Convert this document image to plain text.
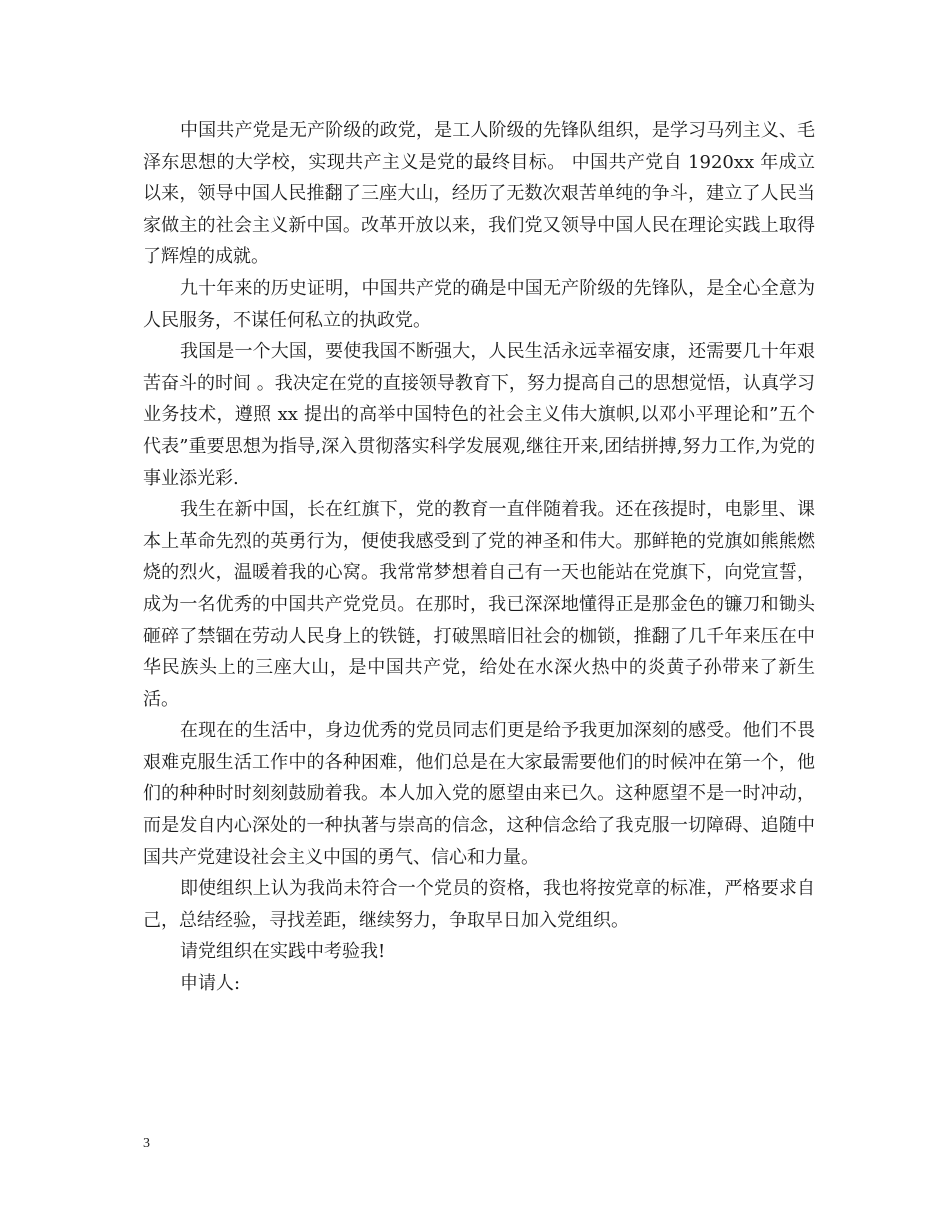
中国共产党是无产阶级的政党，是工人阶级的先锋队组织，是学习马列主义、毛泽东思想的大学校，实现共产主义是党的最终目标。 中国共产党自 1920xx 年成立以来，领导中国人民推翻了三座大山，经历了无数次艰苦单纯的争斗，建立了人民当家做主的社会主义新中国。改革开放以来，我们党又领导中国人民在理论实践上取得了辉煌的成就。

九十年来的历史证明，中国共产党的确是中国无产阶级的先锋队，是全心全意为人民服务，不谋任何私立的执政党。

我国是一个大国，要使我国不断强大，人民生活永远幸福安康，还需要几十年艰苦奋斗的时间 。我决定在党的直接领导教育下，努力提高自己的思想觉悟，认真学习业务技术，遵照 xx 提出的高举中国特色的社会主义伟大旗帜,以邓小平理论和”五个代表”重要思想为指导,深入贯彻落实科学发展观,继往开来,团结拼搏,努力工作,为党的事业添光彩.

我生在新中国，长在红旗下，党的教育一直伴随着我。还在孩提时，电影里、课本上革命先烈的英勇行为，便使我感受到了党的神圣和伟大。那鲜艳的党旗如熊熊燃烧的烈火，温暖着我的心窝。我常常梦想着自己有一天也能站在党旗下，向党宣誓，成为一名优秀的中国共产党党员。在那时，我已深深地懂得正是那金色的镰刀和锄头砸碎了禁锢在劳动人民身上的铁链，打破黑暗旧社会的枷锁，推翻了几千年来压在中华民族头上的三座大山，是中国共产党，给处在水深火热中的炎黄子孙带来了新生活。

在现在的生活中，身边优秀的党员同志们更是给予我更加深刻的感受。他们不畏艰难克服生活工作中的各种困难，他们总是在大家最需要他们的时候冲在第一个，他们的种种时时刻刻鼓励着我。本人加入党的愿望由来已久。这种愿望不是一时冲动，而是发自内心深处的一种执著与崇高的信念，这种信念给了我克服一切障碍、追随中国共产党建设社会主义中国的勇气、信心和力量。

即使组织上认为我尚未符合一个党员的资格，我也将按党章的标准，严格要求自己，总结经验，寻找差距，继续努力，争取早日加入党组织。

请党组织在实践中考验我!

申请人:

3
